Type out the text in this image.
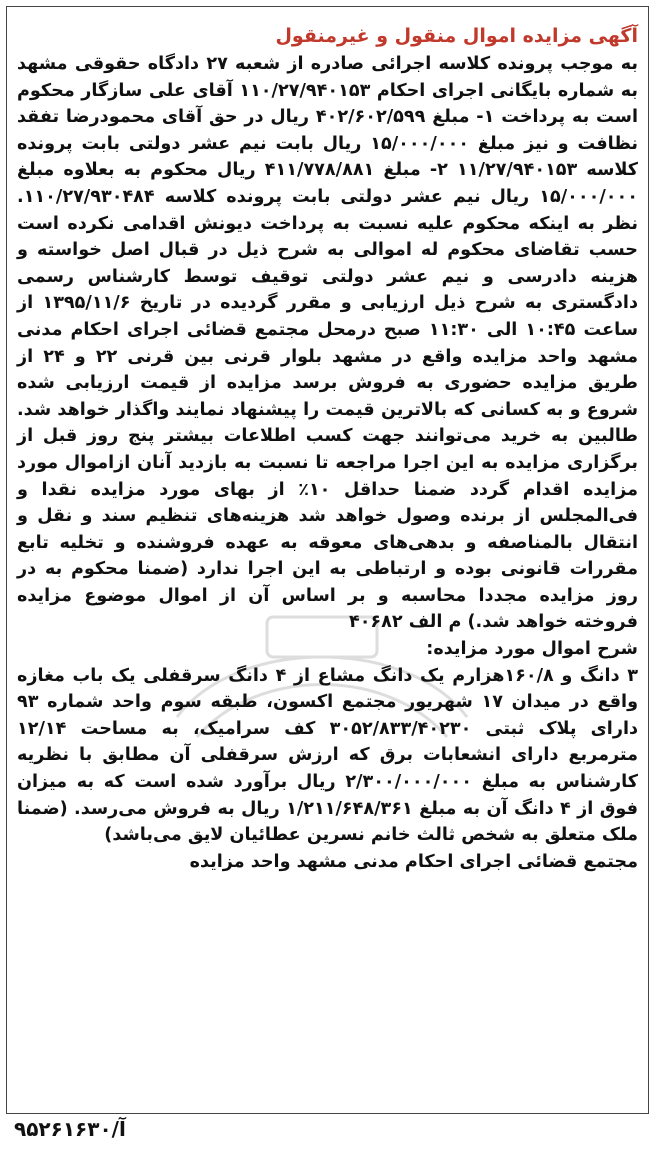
آگهی مزایده اموال منقول و غیرمنقول

به موجب پرونده کلاسه اجرائی صادره از شعبه ۲۷ دادگاه حقوقی مشهد به شماره بایگانی اجرای احکام ۱۱۰/۲۷/۹۴۰۱۵۳ آقای علی سازگار محکوم است به پرداخت ۱- مبلغ ۴۰۲/۶۰۲/۵۹۹ ریال در حق آقای محمودرضا تفقد نظافت و نیز مبلغ ۱۵/۰۰۰/۰۰۰ ریال بابت نیم عشر دولتی بابت پرونده کلاسه ۱۱/۲۷/۹۴۰۱۵۳ ۲- مبلغ ۴۱۱/۷۷۸/۸۸۱ ریال محکوم به بعلاوه مبلغ ۱۵/۰۰۰/۰۰۰ ریال نیم عشر دولتی بابت پرونده کلاسه ۱۱۰/۲۷/۹۳۰۴۸۴. نظر به اینکه محکوم علیه نسبت به پرداخت دیونش اقدامی نکرده است حسب تقاضای محکوم له اموالی به شرح ذیل در قبال اصل خواسته و هزینه دادرسی و نیم عشر دولتی توقیف توسط کارشناس رسمی دادگستری به شرح ذیل ارزیابی و مقرر گردیده در تاریخ ۱۳۹۵/۱۱/۶ از ساعت ۱۰:۴۵ الی ۱۱:۳۰ صبح درمحل مجتمع قضائی اجرای احکام مدنی مشهد واحد مزایده واقع در مشهد بلوار قرنی بین قرنی ۲۲ و ۲۴ از طریق مزایده حضوری به فروش برسد مزایده از قیمت ارزیابی شده شروع و به کسانی که بالاترین قیمت را پیشنهاد نمایند واگذار خواهد شد. طالبین به خرید می‌توانند جهت کسب اطلاعات بیشتر پنج روز قبل از برگزاری مزایده به این اجرا مراجعه تا نسبت به بازدید آنان ازاموال مورد مزایده اقدام گردد ضمنا حداقل ۱۰٪ از بهای مورد مزایده نقدا و فی‌المجلس از برنده وصول خواهد شد هزینه‌های تنظیم سند و نقل و انتقال بالمناصفه و بدهی‌های معوقه به عهده فروشنده و تخلیه تابع مقررات قانونی بوده و ارتباطی به این اجرا ندارد (ضمنا محکوم به در روز مزایده مجددا محاسبه و بر اساس آن از اموال موضوع مزایده فروخته خواهد شد.) م الف ۴۰۶۸۲

شرح اموال مورد مزایده:

۳ دانگ و ۱۶۰/۸هزارم یک دانگ مشاع از ۴ دانگ سرقفلی یک باب مغازه واقع در میدان ۱۷ شهریور مجتمع اکسون، طبقه سوم واحد شماره ۹۳ دارای پلاک ثبتی ۳۰۵۲/۸۳۳/۴۰۲۳۰ کف سرامیک، به مساحت ۱۲/۱۴ مترمربع دارای انشعابات برق که ارزش سرقفلی آن مطابق با نظریه کارشناس به مبلغ ۲/۳۰۰/۰۰۰/۰۰۰ ریال برآورد شده است که به میزان فوق از ۴ دانگ آن به مبلغ ۱/۲۱۱/۶۴۸/۳۶۱ ریال به فروش می‌رسد. (ضمنا ملک متعلق به شخص ثالث خانم نسرین عطائیان لایق می‌باشد)

مجتمع قضائی اجرای احکام مدنی مشهد واحد مزایده

آ/۹۵۲۶۱۶۳۰
